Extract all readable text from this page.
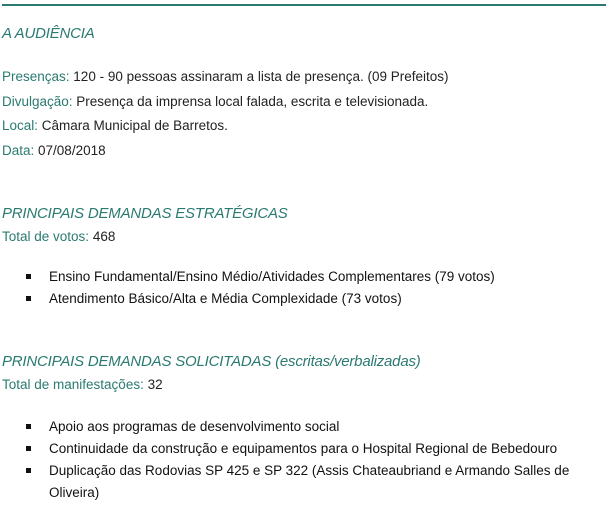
A AUDIÊNCIA
Presenças: 120 - 90 pessoas assinaram a lista de presença. (09 Prefeitos)
Divulgação: Presença da imprensa local falada, escrita e televisionada.
Local: Câmara Municipal de Barretos.
Data: 07/08/2018
PRINCIPAIS DEMANDAS ESTRATÉGICAS
Total de votos: 468
Ensino Fundamental/Ensino Médio/Atividades Complementares (79 votos)
Atendimento Básico/Alta e Média Complexidade (73 votos)
PRINCIPAIS DEMANDAS SOLICITADAS (escritas/verbalizadas)
Total de manifestações: 32
Apoio aos programas de desenvolvimento social
Continuidade da construção e equipamentos para o Hospital Regional de Bebedouro
Duplicação das Rodovias SP 425 e SP 322 (Assis Chateaubriand e Armando Salles de Oliveira)
